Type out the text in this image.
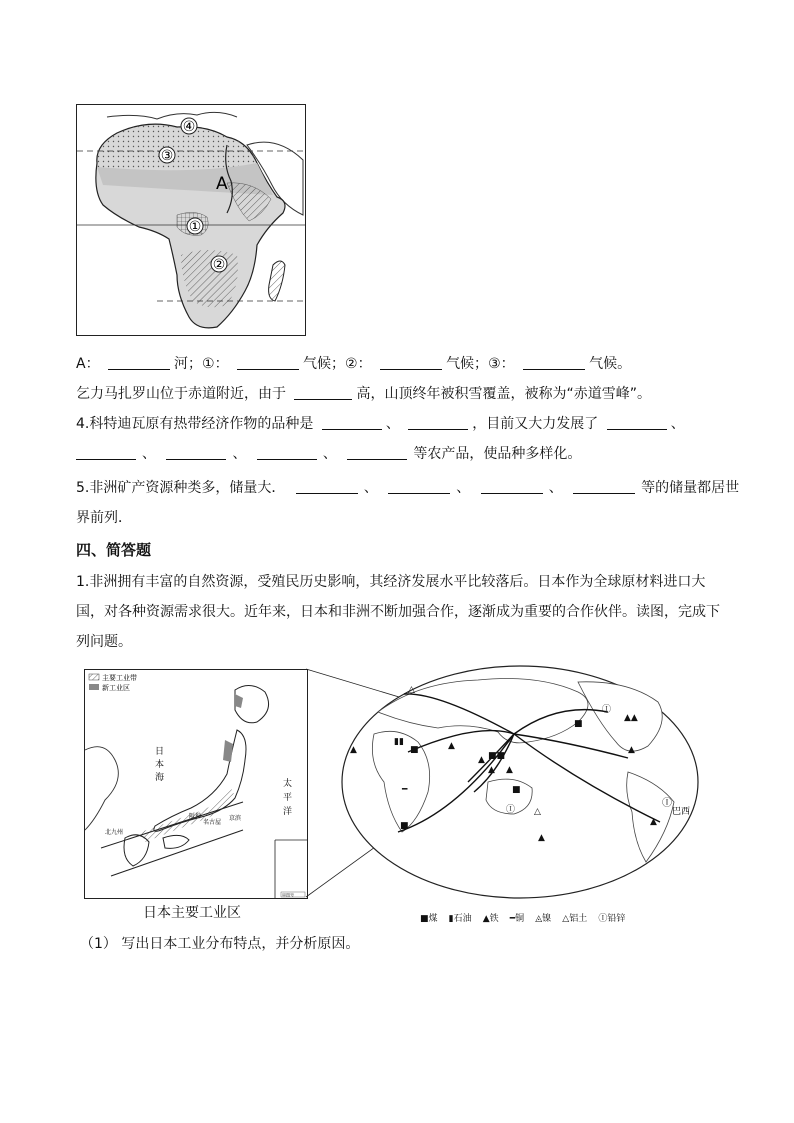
④
③
A
①
②
A：	河；①：	气候；②：	气候；③：	气候。
乞力马扎罗山位于赤道附近，由于	高，山顶终年被积雪覆盖，被称为“赤道雪峰”。
4.科特迪瓦原有热带经济作物的品种是	、	，目前又大力发展了	、
、	、	、	等农产品，使品种多样化。
5.非洲矿产资源种类多，储量大．	、	、	、	等的储量都居世
界前列．
四、简答题
1.非洲拥有丰富的自然资源，受殖民历史影响，其经济发展水平比较落后。日本作为全球原材料进口大国，对各种资源需求很大。近年来，日本和非洲不断加强合作，逐渐成为重要的合作伙伴。读图，完成下列问题。
主要工业带
新工业区
日
本
海
太
平
洋
北九州
阪神
名古屋
京滨
审图号
日本主要工业区
▲
▮▮
■
━
■
▲
▲ ■■
▲ ▲
■
Ⓘ △
▲
■
Ⓘ
▲▲
▲
▲
△
Ⓘ
巴西
■煤 ▮石油 ▲铁 ━铜 ◬镍 △铝土 Ⓘ铅锌
（1） 写出日本工业分布特点，并分析原因。
